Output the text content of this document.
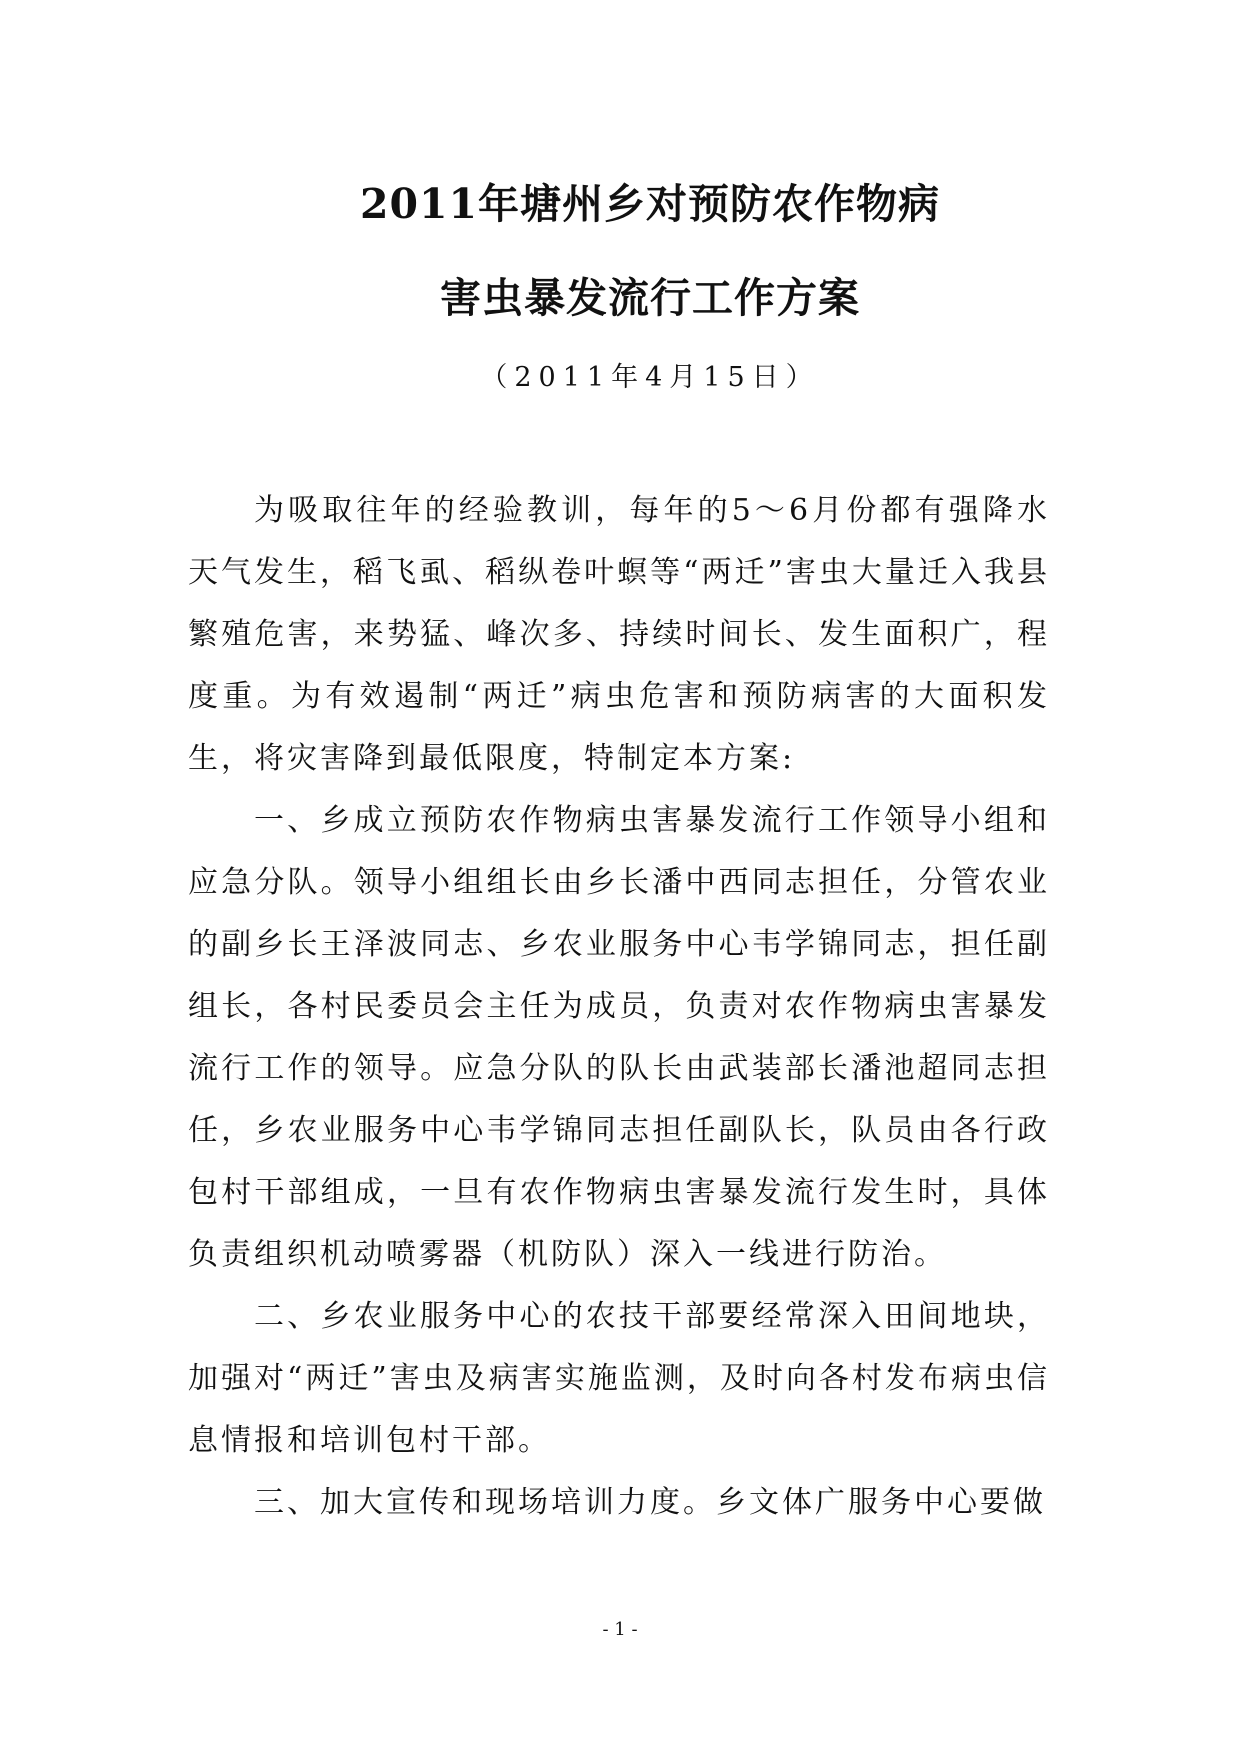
2011年塘州乡对预防农作物病
害虫暴发流行工作方案
（2011年4月15日）

为吸取往年的经验教训，每年的5～6月份都有强降水天气发生，稻飞虱、稻纵卷叶螟等“两迁”害虫大量迁入我县繁殖危害，来势猛、峰次多、持续时间长、发生面积广，程度重。为有效遏制“两迁”病虫危害和预防病害的大面积发生，将灾害降到最低限度，特制定本方案:

一、乡成立预防农作物病虫害暴发流行工作领导小组和应急分队。领导小组组长由乡长潘中西同志担任，分管农业的副乡长王泽波同志、乡农业服务中心韦学锦同志，担任副组长，各村民委员会主任为成员，负责对农作物病虫害暴发流行工作的领导。应急分队的队长由武装部长潘池超同志担任，乡农业服务中心韦学锦同志担任副队长，队员由各行政包村干部组成，一旦有农作物病虫害暴发流行发生时，具体负责组织机动喷雾器（机防队）深入一线进行防治。

二、乡农业服务中心的农技干部要经常深入田间地块，加强对“两迁”害虫及病害实施监测，及时向各村发布病虫信息情报和培训包村干部。

三、加大宣传和现场培训力度。乡文体广服务中心要做

- 1 -
